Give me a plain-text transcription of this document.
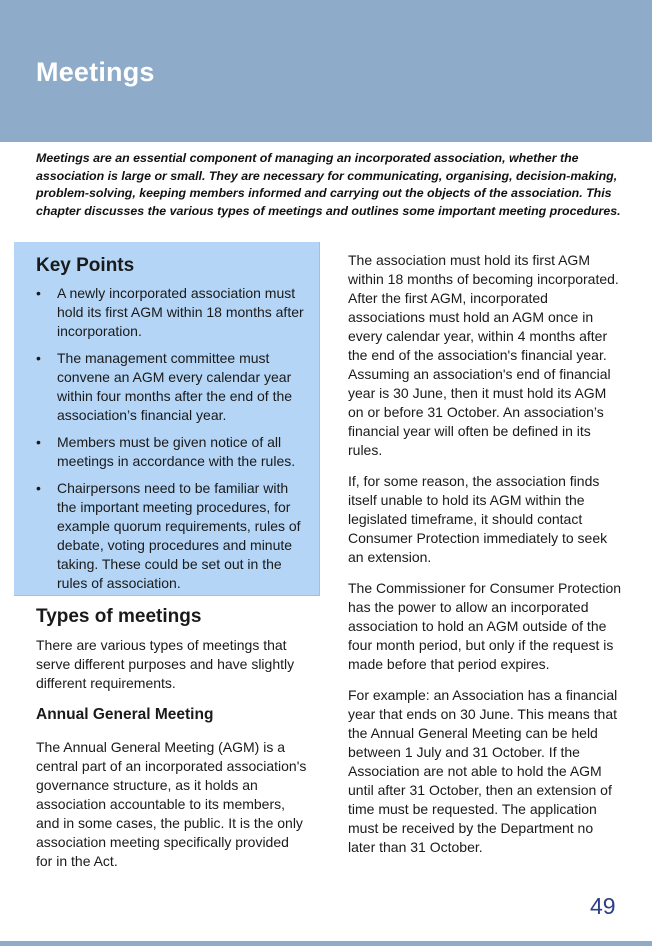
Meetings

Meetings are an essential component of managing an incorporated association, whether the association is large or small. They are necessary for communicating, organising, decision-making, problem-solving, keeping members informed and carrying out the objects of the association. This chapter discusses the various types of meetings and outlines some important meeting procedures.

Key Points
• A newly incorporated association must hold its first AGM within 18 months after incorporation.
• The management committee must convene an AGM every calendar year within four months after the end of the association’s financial year.
• Members must be given notice of all meetings in accordance with the rules.
• Chairpersons need to be familiar with the important meeting procedures, for example quorum requirements, rules of debate, voting procedures and minute taking. These could be set out in the rules of association.
Types of meetings

There are various types of meetings that serve different purposes and have slightly different requirements.

Annual General Meeting

The Annual General Meeting (AGM) is a central part of an incorporated association's governance structure, as it holds an association accountable to its members, and in some cases, the public. It is the only association meeting specifically provided for in the Act.

The association must hold its first AGM within 18 months of becoming incorporated. After the first AGM, incorporated associations must hold an AGM once in every calendar year, within 4 months after the end of the association's financial year. Assuming an association's end of financial year is 30 June, then it must hold its AGM on or before 31 October. An association’s financial year will often be defined in its rules.

If, for some reason, the association finds itself unable to hold its AGM within the legislated timeframe, it should contact Consumer Protection immediately to seek an extension.

The Commissioner for Consumer Protection has the power to allow an incorporated association to hold an AGM outside of the four month period, but only if the request is made before that period expires.

For example: an Association has a financial year that ends on 30 June. This means that the Annual General Meeting can be held between 1 July and 31 October. If the Association are not able to hold the AGM until after 31 October, then an extension of time must be requested. The application must be received by the Department no later than 31 October.

49
